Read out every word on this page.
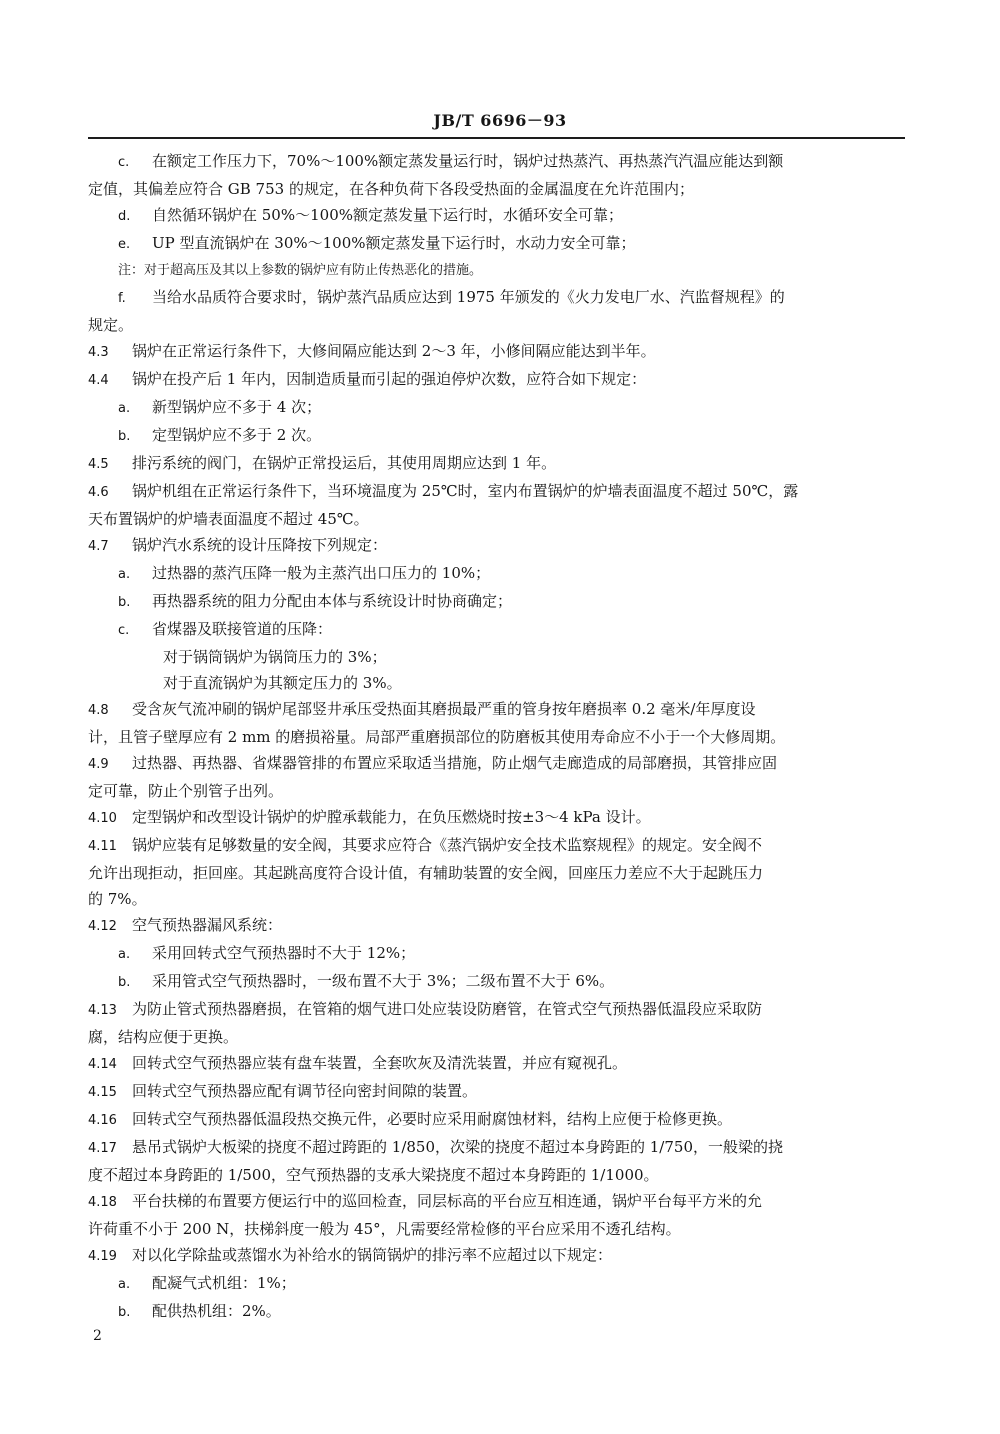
JB/T 6696－93
c. 在额定工作压力下，70%～100%额定蒸发量运行时，锅炉过热蒸汽、再热蒸汽汽温应能达到额
定值，其偏差应符合 GB 753 的规定，在各种负荷下各段受热面的金属温度在允许范围内；
d. 自然循环锅炉在 50%～100%额定蒸发量下运行时，水循环安全可靠；
e. UP 型直流锅炉在 30%～100%额定蒸发量下运行时，水动力安全可靠；
注：对于超高压及其以上参数的锅炉应有防止传热恶化的措施。
f. 当给水品质符合要求时，锅炉蒸汽品质应达到 1975 年颁发的《火力发电厂水、汽监督规程》的
规定。
4.3 锅炉在正常运行条件下，大修间隔应能达到 2～3 年，小修间隔应能达到半年。
4.4 锅炉在投产后 1 年内，因制造质量而引起的强迫停炉次数，应符合如下规定：
a. 新型锅炉应不多于 4 次；
b. 定型锅炉应不多于 2 次。
4.5 排污系统的阀门，在锅炉正常投运后，其使用周期应达到 1 年。
4.6 锅炉机组在正常运行条件下，当环境温度为 25℃时，室内布置锅炉的炉墙表面温度不超过 50℃，露
天布置锅炉的炉墙表面温度不超过 45℃。
4.7 锅炉汽水系统的设计压降按下列规定：
a. 过热器的蒸汽压降一般为主蒸汽出口压力的 10%；
b. 再热器系统的阻力分配由本体与系统设计时协商确定；
c. 省煤器及联接管道的压降：
对于锅筒锅炉为锅筒压力的 3%；
对于直流锅炉为其额定压力的 3%。
4.8 受含灰气流冲刷的锅炉尾部竖井承压受热面其磨损最严重的管身按年磨损率 0.2 毫米/年厚度设
计，且管子壁厚应有 2 mm 的磨损裕量。局部严重磨损部位的防磨板其使用寿命应不小于一个大修周期。
4.9 过热器、再热器、省煤器管排的布置应采取适当措施，防止烟气走廊造成的局部磨损，其管排应固
定可靠，防止个别管子出列。
4.10 定型锅炉和改型设计锅炉的炉膛承载能力，在负压燃烧时按±3～4 kPa 设计。
4.11 锅炉应装有足够数量的安全阀，其要求应符合《蒸汽锅炉安全技术监察规程》的规定。安全阀不
允许出现拒动，拒回座。其起跳高度符合设计值，有辅助装置的安全阀，回座压力差应不大于起跳压力
的 7%。
4.12 空气预热器漏风系统：
a. 采用回转式空气预热器时不大于 12%；
b. 采用管式空气预热器时，一级布置不大于 3%；二级布置不大于 6%。
4.13 为防止管式预热器磨损，在管箱的烟气进口处应装设防磨管，在管式空气预热器低温段应采取防
腐，结构应便于更换。
4.14 回转式空气预热器应装有盘车装置，全套吹灰及清洗装置，并应有窥视孔。
4.15 回转式空气预热器应配有调节径向密封间隙的装置。
4.16 回转式空气预热器低温段热交换元件，必要时应采用耐腐蚀材料，结构上应便于检修更换。
4.17 悬吊式锅炉大板梁的挠度不超过跨距的 1/850，次梁的挠度不超过本身跨距的 1/750，一般梁的挠
度不超过本身跨距的 1/500，空气预热器的支承大梁挠度不超过本身跨距的 1/1000。
4.18 平台扶梯的布置要方便运行中的巡回检查，同层标高的平台应互相连通，锅炉平台每平方米的允
许荷重不小于 200 N，扶梯斜度一般为 45°，凡需要经常检修的平台应采用不透孔结构。
4.19 对以化学除盐或蒸馏水为补给水的锅筒锅炉的排污率不应超过以下规定：
a. 配凝气式机组：1%；
b. 配供热机组：2%。
2
